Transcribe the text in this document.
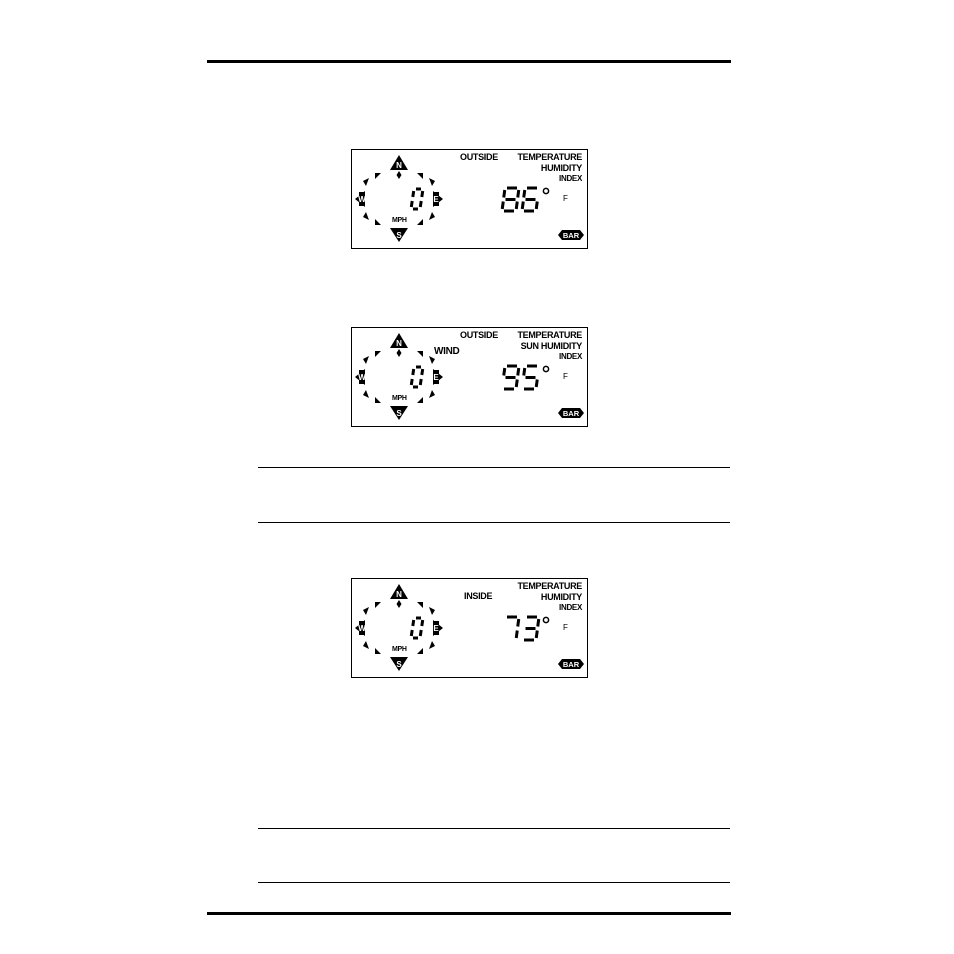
N
S
W	E
BAR
OUTSIDE TEMPERATURE
HUMIDITY
INDEX
F
MPH
N
S
W	E
BAR
OUTSIDE
WIND
TEMPERATURE
SUN HUMIDITY
INDEX
F
MPH
N
S
W	E
BAR
INSIDE
TEMPERATURE
HUMIDITY
INDEX
F
MPH
